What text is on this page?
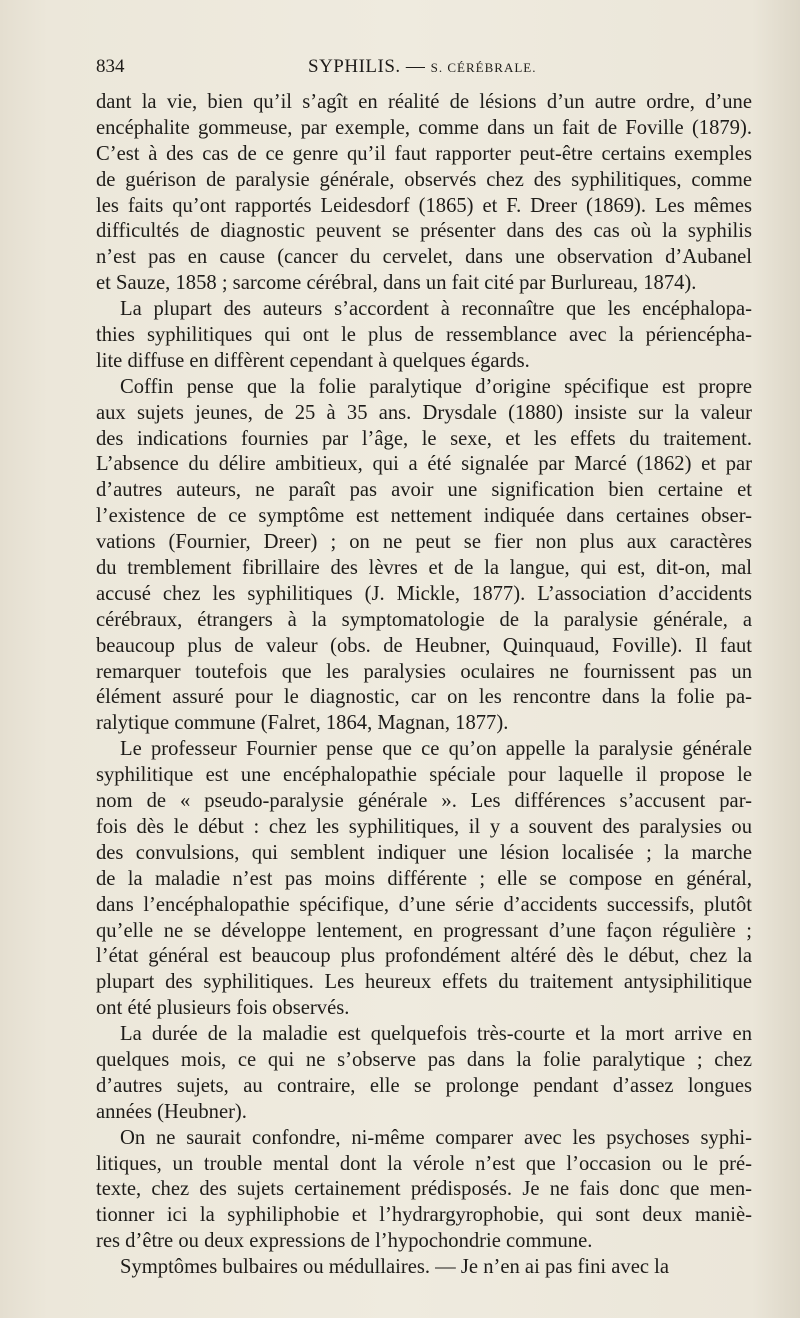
834	SYPHILIS. — S. CÉRÉBRALE.
dant la vie, bien qu’il s’agît en réalité de lésions d’un autre ordre, d’une
encéphalite gommeuse, par exemple, comme dans un fait de Foville (1879).
C’est à des cas de ce genre qu’il faut rapporter peut-être certains exemples
de guérison de paralysie générale, observés chez des syphilitiques, comme
les faits qu’ont rapportés Leidesdorf (1865) et F. Dreer (1869). Les mêmes
difficultés de diagnostic peuvent se présenter dans des cas où la syphilis
n’est pas en cause (cancer du cervelet, dans une observation d’Aubanel
et Sauze, 1858 ; sarcome cérébral, dans un fait cité par Burlureau, 1874).
La plupart des auteurs s’accordent à reconnaître que les encéphalopa-
thies syphilitiques qui ont le plus de ressemblance avec la périencépha-
lite diffuse en diffèrent cependant à quelques égards.
Coffin pense que la folie paralytique d’origine spécifique est propre
aux sujets jeunes, de 25 à 35 ans. Drysdale (1880) insiste sur la valeur
des indications fournies par l’âge, le sexe, et les effets du traitement.
L’absence du délire ambitieux, qui a été signalée par Marcé (1862) et par
d’autres auteurs, ne paraît pas avoir une signification bien certaine et
l’existence de ce symptôme est nettement indiquée dans certaines obser-
vations (Fournier, Dreer) ; on ne peut se fier non plus aux caractères
du tremblement fibrillaire des lèvres et de la langue, qui est, dit-on, mal
accusé chez les syphilitiques (J. Mickle, 1877). L’association d’accidents
cérébraux, étrangers à la symptomatologie de la paralysie générale, a
beaucoup plus de valeur (obs. de Heubner, Quinquaud, Foville). Il faut
remarquer toutefois que les paralysies oculaires ne fournissent pas un
élément assuré pour le diagnostic, car on les rencontre dans la folie pa-
ralytique commune (Falret, 1864, Magnan, 1877).
Le professeur Fournier pense que ce qu’on appelle la paralysie générale
syphilitique est une encéphalopathie spéciale pour laquelle il propose le
nom de « pseudo-paralysie générale ». Les différences s’accusent par-
fois dès le début : chez les syphilitiques, il y a souvent des paralysies ou
des convulsions, qui semblent indiquer une lésion localisée ; la marche
de la maladie n’est pas moins différente ; elle se compose en général,
dans l’encéphalopathie spécifique, d’une série d’accidents successifs, plutôt
qu’elle ne se développe lentement, en progressant d’une façon régulière ;
l’état général est beaucoup plus profondément altéré dès le début, chez la
plupart des syphilitiques. Les heureux effets du traitement antysiphilitique
ont été plusieurs fois observés.
La durée de la maladie est quelquefois très-courte et la mort arrive en
quelques mois, ce qui ne s’observe pas dans la folie paralytique ; chez
d’autres sujets, au contraire, elle se prolonge pendant d’assez longues
années (Heubner).
On ne saurait confondre, ni-même comparer avec les psychoses syphi-
litiques, un trouble mental dont la vérole n’est que l’occasion ou le pré-
texte, chez des sujets certainement prédisposés. Je ne fais donc que men-
tionner ici la syphiliphobie et l’hydrargyrophobie, qui sont deux maniè-
res d’être ou deux expressions de l’hypochondrie commune.
Symptômes bulbaires ou médullaires. — Je n’en ai pas fini avec la
